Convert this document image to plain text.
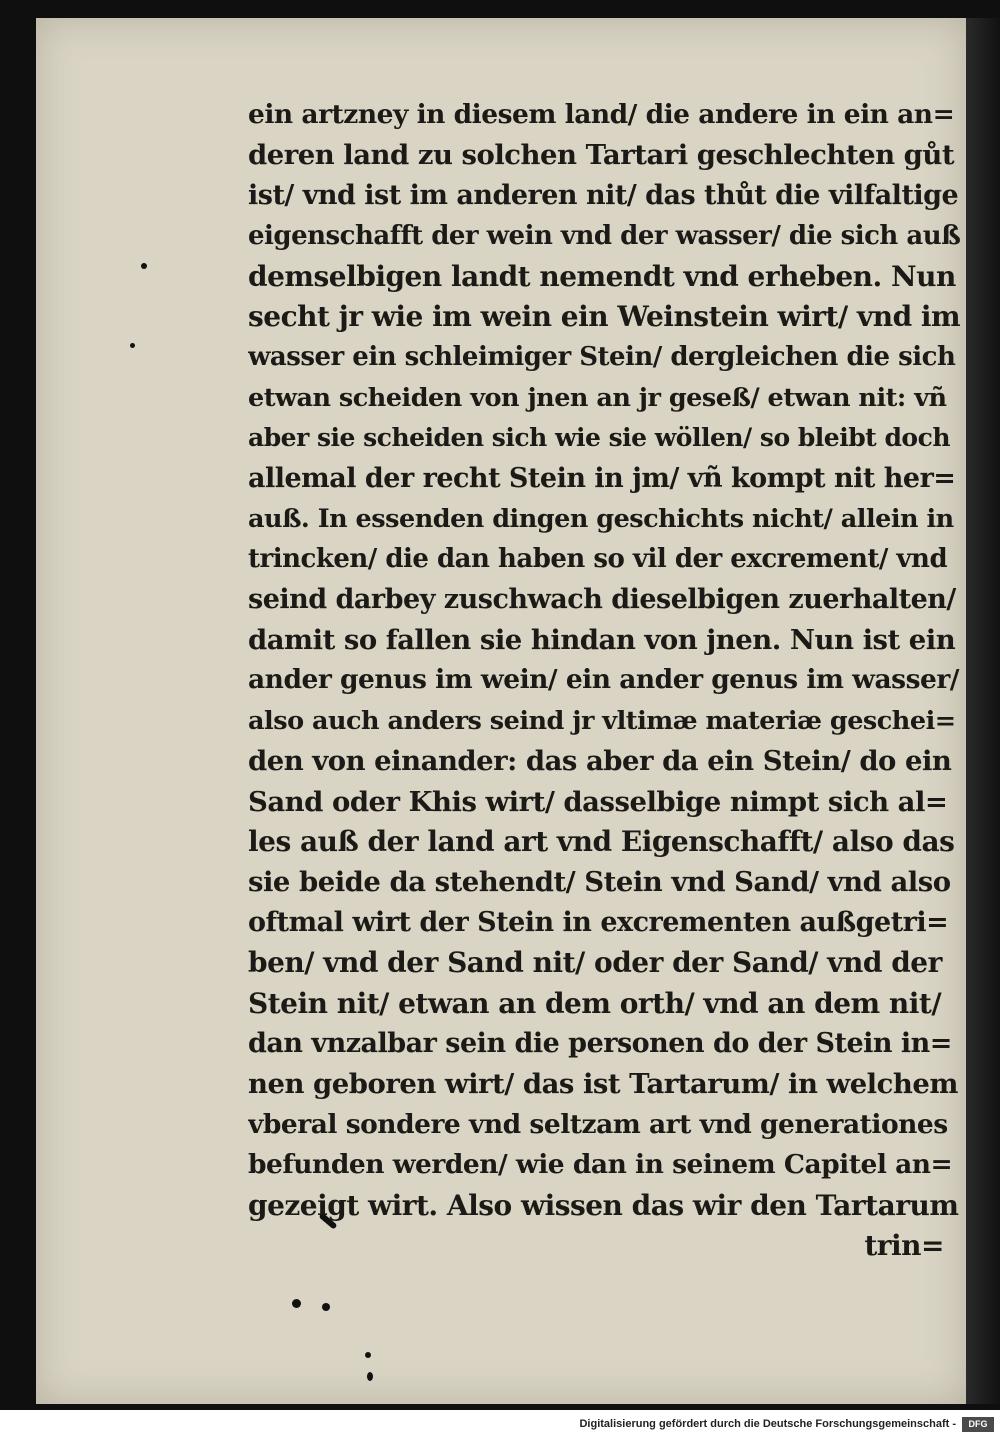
ein artzney in diesem land/ die andere in ein an=
deren land zu solchen Tartari geschlechten gůt
ist/ vnd ist im anderen nit/ das thůt die vilfaltige
eigenschafft der wein vnd der wasser/ die sich auß
demselbigen landt nemendt vnd erheben. Nun
secht jr wie im wein ein Weinstein wirt/ vnd im
wasser ein schleimiger Stein/ dergleichen die sich
etwan scheiden von jnen an jr geseß/ etwan nit: vñ
aber sie scheiden sich wie sie wöllen/ so bleibt doch
allemal der recht Stein in jm/ vñ kompt nit her=
auß. In essenden dingen geschichts nicht/ allein in
trincken/ die dan haben so vil der excrement/ vnd
seind darbey zuschwach dieselbigen zuerhalten/
damit so fallen sie hindan von jnen. Nun ist ein
ander genus im wein/ ein ander genus im wasser/
also auch anders seind jr vltimæ materiæ geschei=
den von einander: das aber da ein Stein/ do ein
Sand oder Khis wirt/ dasselbige nimpt sich al=
les auß der land art vnd Eigenschafft/ also das
sie beide da stehendt/ Stein vnd Sand/ vnd also
oftmal wirt der Stein in excrementen außgetri=
ben/ vnd der Sand nit/ oder der Sand/ vnd der
Stein nit/ etwan an dem orth/ vnd an dem nit/
dan vnzalbar sein die personen do der Stein in=
nen geboren wirt/ das ist Tartarum/ in welchem
vberal sondere vnd seltzam art vnd generationes
befunden werden/ wie dan in seinem Capitel an=
gezeigt wirt. Also wissen das wir den Tartarum
trin=
Digitalisierung gefördert durch die Deutsche Forschungsgemeinschaft -	DFG
